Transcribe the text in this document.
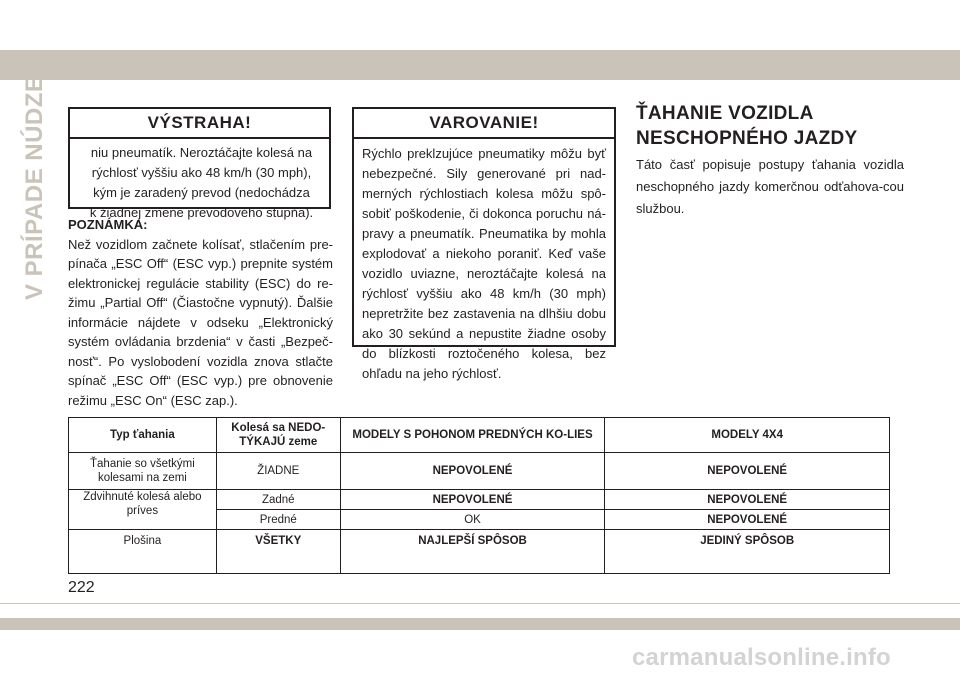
V PRÍPADE NÚDZE	VÝSTRAHA!
niu pneumatík. Neroztáčajte kolesá na
rýchlosť vyššiu ako 48 km/h (30 mph),
kým je zaradený prevod (nedochádza
k žiadnej zmene prevodového stupňa).
POZNÁMKA:
Než vozidlom začnete kolísať, stlačením pre-pínača „ESC Off“ (ESC vyp.) prepnite systém elektronickej regulácie stability (ESC) do re-žimu „Partial Off“ (Čiastočne vypnutý). Ďalšie informácie nájdete v odseku „Elektronický systém ovládania brzdenia“ v časti „Bezpeč-nosť“. Po vyslobodení vozidla znova stlačte spínač „ESC Off“ (ESC vyp.) pre obnovenie režimu „ESC On“ (ESC zap.).
VAROVANIE!
Rýchlo preklzujúce pneumatiky môžu byť nebezpečné. Sily generované pri nad-merných rýchlostiach kolesa môžu spô-sobiť poškodenie, či dokonca poruchu ná-pravy a pneumatík. Pneumatika by mohla explodovať a niekoho poraniť. Keď vaše vozidlo uviazne, neroztáčajte kolesá na rýchlosť vyššiu ako 48 km/h (30 mph) nepretržite bez zastavenia na dlhšiu dobu ako 30 sekúnd a nepustite žiadne osoby do blízkosti roztočeného kolesa, bez ohľadu na jeho rýchlosť.
ŤAHANIE VOZIDLA
NESCHOPNÉHO JAZDY
Táto časť popisuje postupy ťahania vozidla neschopného jazdy komerčnou odťahova-cou službou.
Typ ťahania	Kolesá sa NEDO-TÝKAJÚ zeme	MODELY S POHONOM PREDNÝCH KO-LIES	MODELY 4X4
Ťahanie so všetkými kolesami na zemi	ŽIADNE	NEPOVOLENÉ	NEPOVOLENÉ
Zdvihnuté kolesá alebo príves	Zadné	NEPOVOLENÉ	NEPOVOLENÉ
	Predné	OK	NEPOVOLENÉ
Plošina	VŠETKY	NAJLEPŠÍ SPÔSOB	JEDINÝ SPÔSOB
222
carmanualsonline.info
